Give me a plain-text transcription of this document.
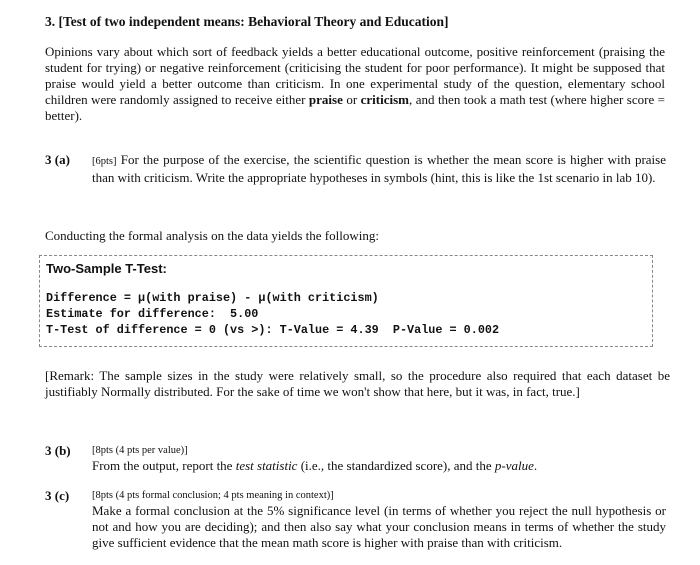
3. [Test of two independent means: Behavioral Theory and Education]
Opinions vary about which sort of feedback yields a better educational outcome, positive reinforcement (praising the student for trying) or negative reinforcement (criticising the student for poor performance). It might be supposed that praise would yield a better outcome than criticism. In one experimental study of the question, elementary school children were randomly assigned to receive either praise or criticism, and then took a math test (where higher score = better).
3 (a) [6pts] For the purpose of the exercise, the scientific question is whether the mean score is higher with praise than with criticism. Write the appropriate hypotheses in symbols (hint, this is like the 1st scenario in lab 10).
Conducting the formal analysis on the data yields the following:
Two-Sample T-Test:
Difference = μ(with praise) - μ(with criticism)
Estimate for difference:  5.00
T-Test of difference = 0 (vs >): T-Value = 4.39  P-Value = 0.002
[Remark: The sample sizes in the study were relatively small, so the procedure also required that each dataset be justifiably Normally distributed. For the sake of time we won't show that here, but it was, in fact, true.]
3 (b) [8pts (4 pts per value)]
From the output, report the test statistic (i.e., the standardized score), and the p-value.
3 (c) [8pts (4 pts formal conclusion; 4 pts meaning in context)]
Make a formal conclusion at the 5% significance level (in terms of whether you reject the null hypothesis or not and how you are deciding); and then also say what your conclusion means in terms of whether the study give sufficient evidence that the mean math score is higher with praise than with criticism.
